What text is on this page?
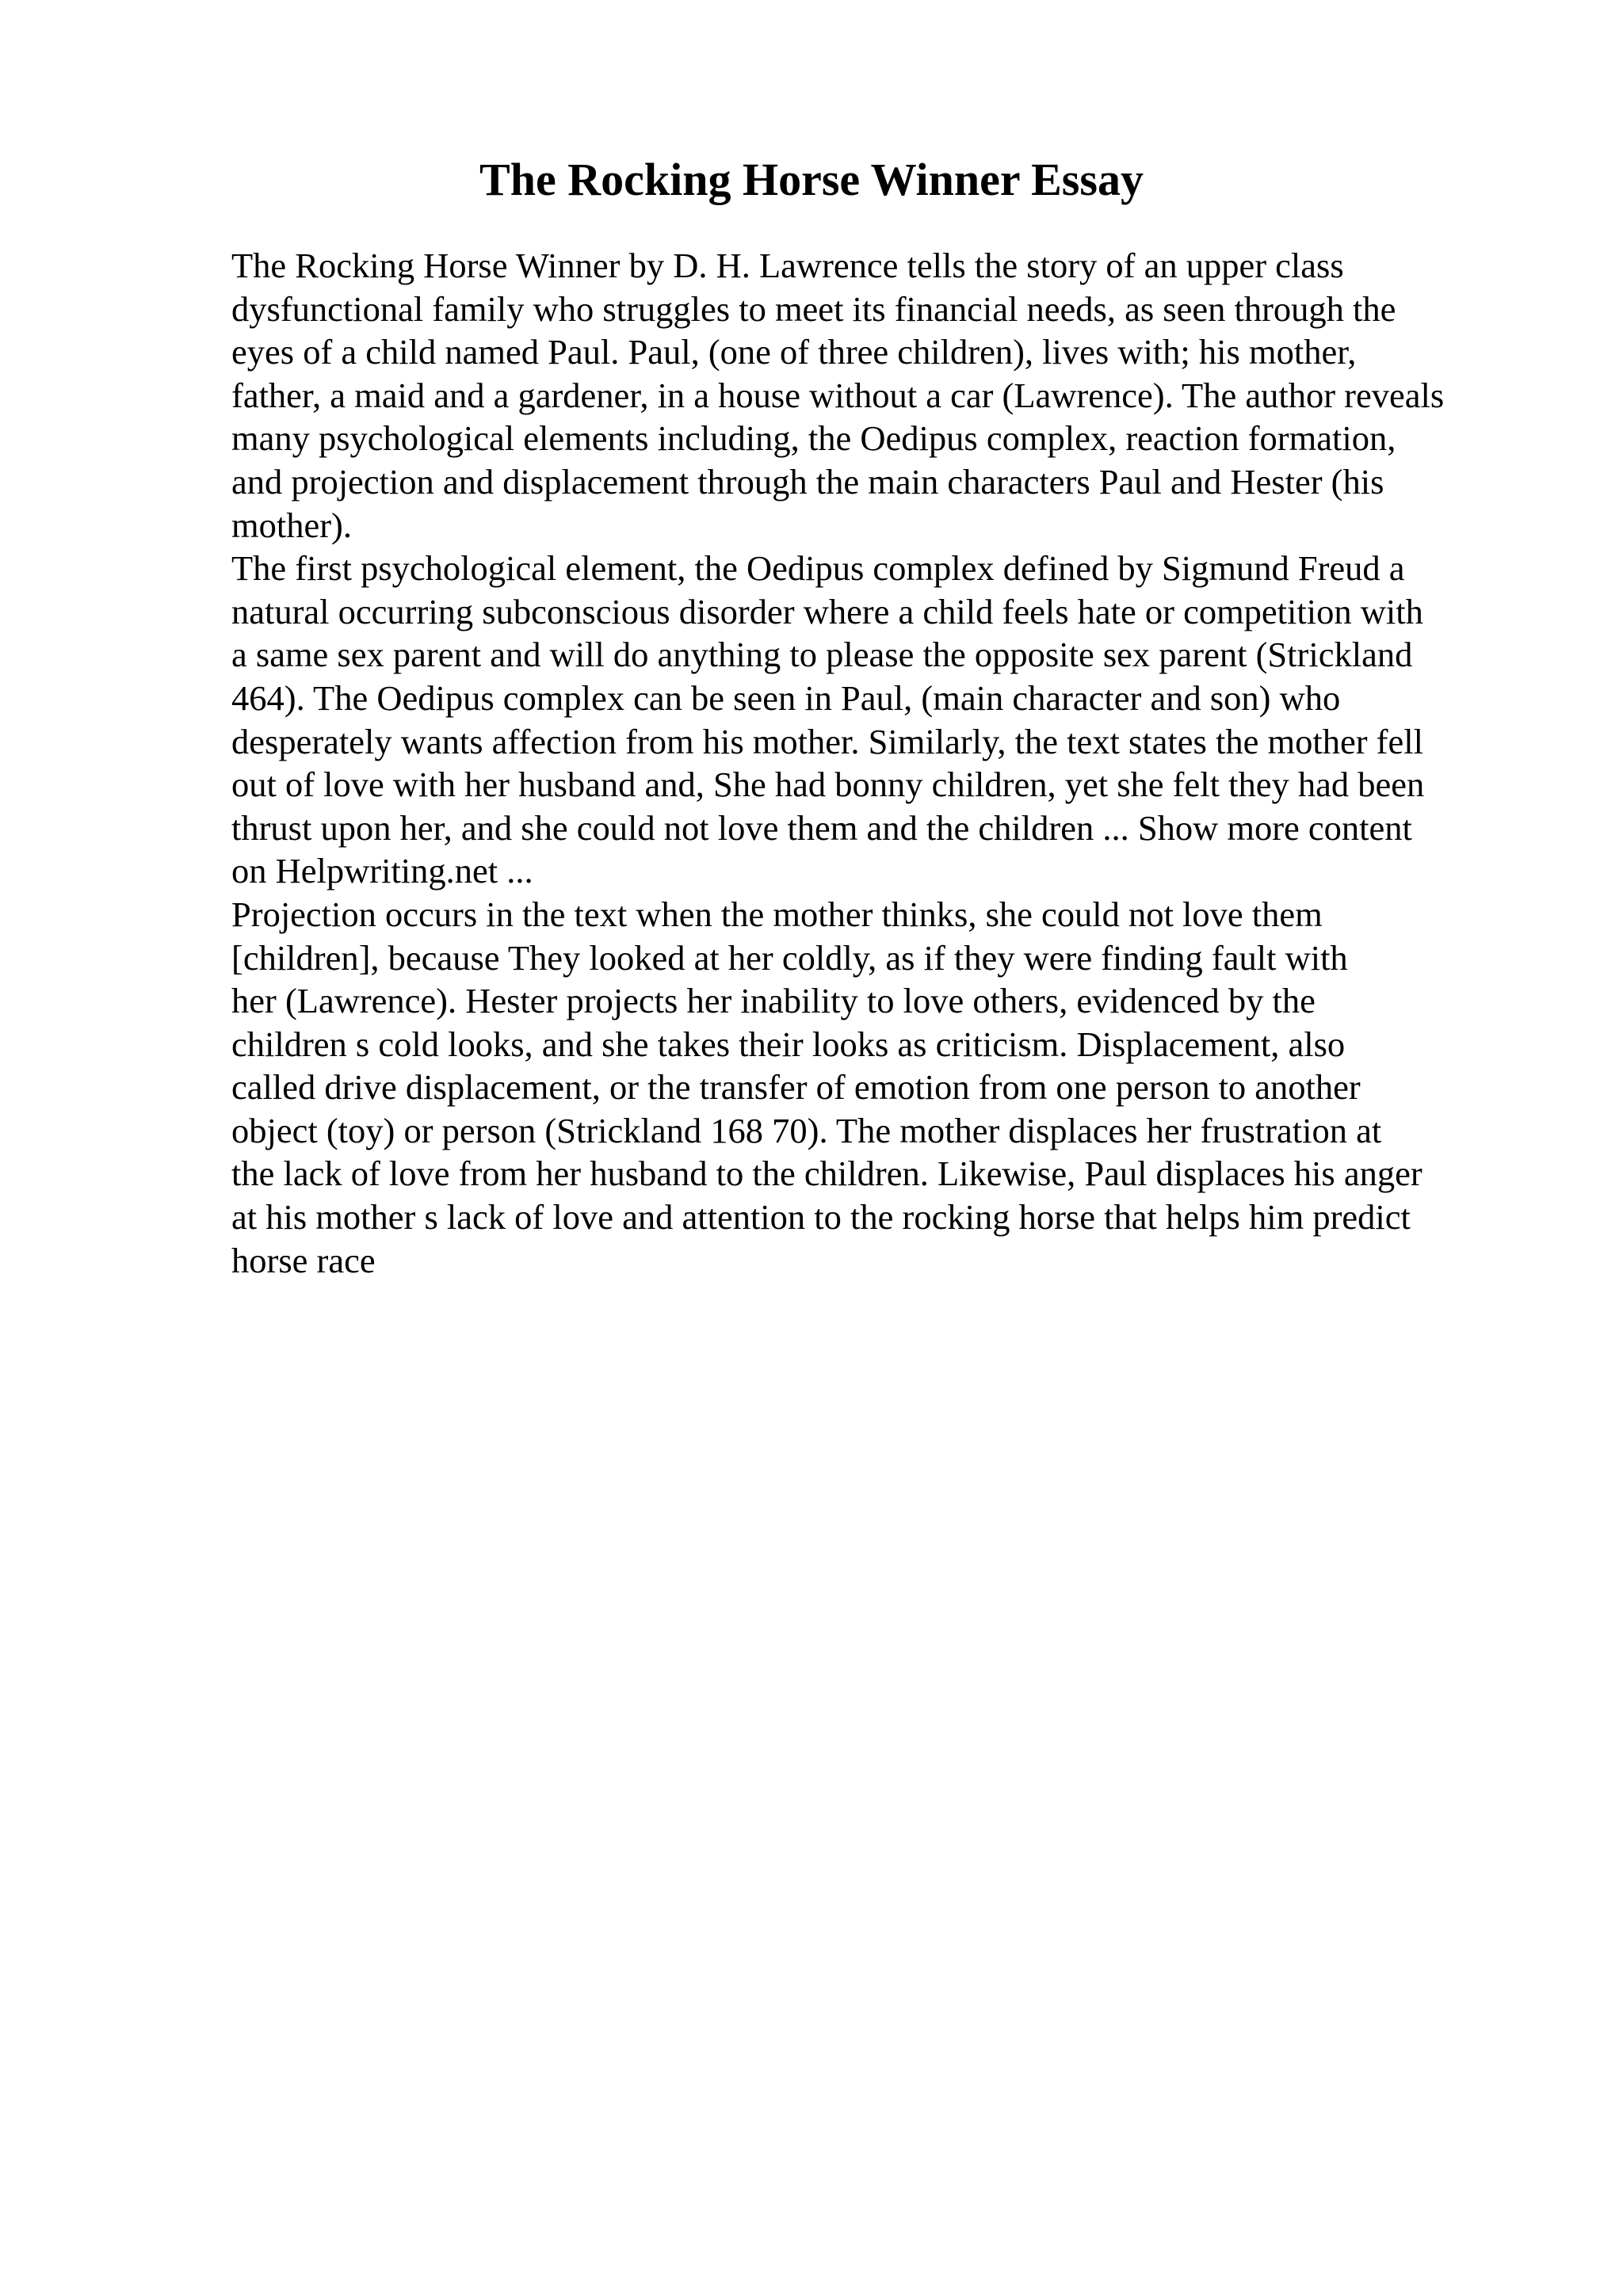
The Rocking Horse Winner Essay
The Rocking Horse Winner by D. H. Lawrence tells the story of an upper class
dysfunctional family who struggles to meet its financial needs, as seen through the
eyes of a child named Paul. Paul, (one of three children), lives with; his mother,
father, a maid and a gardener, in a house without a car (Lawrence). The author reveals
many psychological elements including, the Oedipus complex, reaction formation,
and projection and displacement through the main characters Paul and Hester (his
mother).
The first psychological element, the Oedipus complex defined by Sigmund Freud a
natural occurring subconscious disorder where a child feels hate or competition with
a same sex parent and will do anything to please the opposite sex parent (Strickland
464). The Oedipus complex can be seen in Paul, (main character and son) who
desperately wants affection from his mother. Similarly, the text states the mother fell
out of love with her husband and, She had bonny children, yet she felt they had been
thrust upon her, and she could not love them and the children ... Show more content
on Helpwriting.net ...
Projection occurs in the text when the mother thinks, she could not love them
[children], because They looked at her coldly, as if they were finding fault with
her (Lawrence). Hester projects her inability to love others, evidenced by the
children s cold looks, and she takes their looks as criticism. Displacement, also
called drive displacement, or the transfer of emotion from one person to another
object (toy) or person (Strickland 168 70). The mother displaces her frustration at
the lack of love from her husband to the children. Likewise, Paul displaces his anger
at his mother s lack of love and attention to the rocking horse that helps him predict
horse race
